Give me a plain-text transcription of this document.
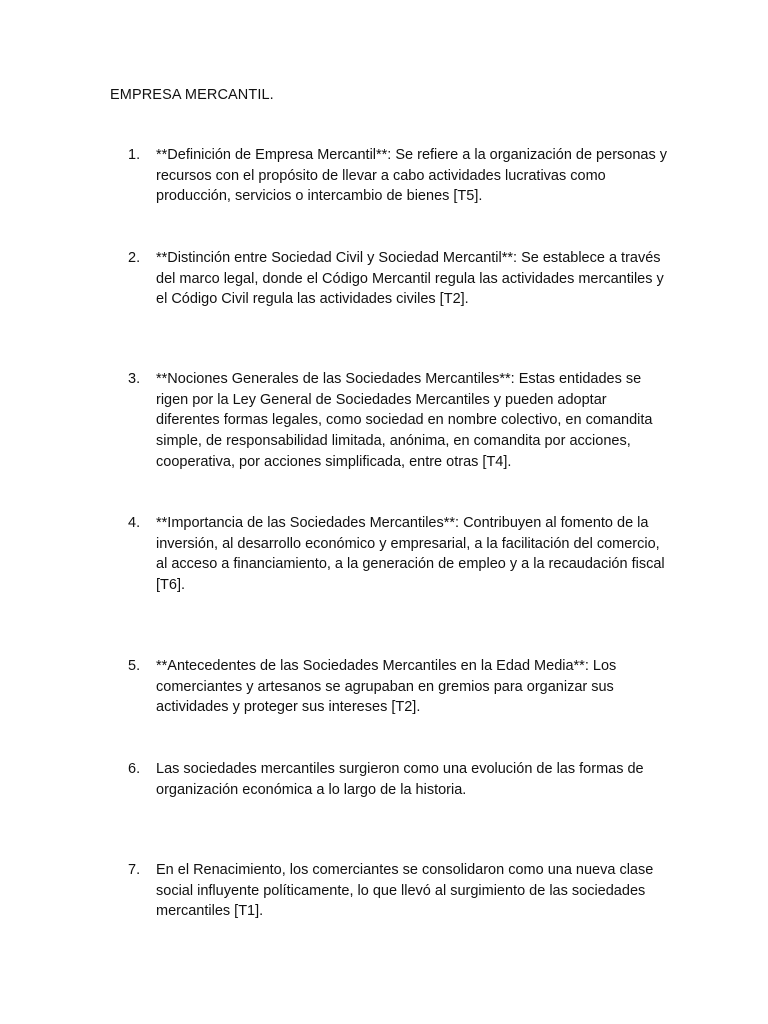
EMPRESA MERCANTIL.
1.	**Definición de Empresa Mercantil**: Se refiere a la organización de personas y recursos con el propósito de llevar a cabo actividades lucrativas como producción, servicios o intercambio de bienes [T5].
2.	**Distinción entre Sociedad Civil y Sociedad Mercantil**: Se establece a través del marco legal, donde el Código Mercantil regula las actividades mercantiles y el Código Civil regula las actividades civiles [T2].
3.	**Nociones Generales de las Sociedades Mercantiles**: Estas entidades se rigen por la Ley General de Sociedades Mercantiles y pueden adoptar diferentes formas legales, como sociedad en nombre colectivo, en comandita simple, de responsabilidad limitada, anónima, en comandita por acciones, cooperativa, por acciones simplificada, entre otras [T4].
4.	**Importancia de las Sociedades Mercantiles**: Contribuyen al fomento de la inversión, al desarrollo económico y empresarial, a la facilitación del comercio, al acceso a financiamiento, a la generación de empleo y a la recaudación fiscal [T6].
5.	**Antecedentes de las Sociedades Mercantiles en la Edad Media**: Los comerciantes y artesanos se agrupaban en gremios para organizar sus actividades y proteger sus intereses [T2].
6.	Las sociedades mercantiles surgieron como una evolución de las formas de organización económica a lo largo de la historia.
7.	En el Renacimiento, los comerciantes se consolidaron como una nueva clase social influyente políticamente, lo que llevó al surgimiento de las sociedades mercantiles [T1].
